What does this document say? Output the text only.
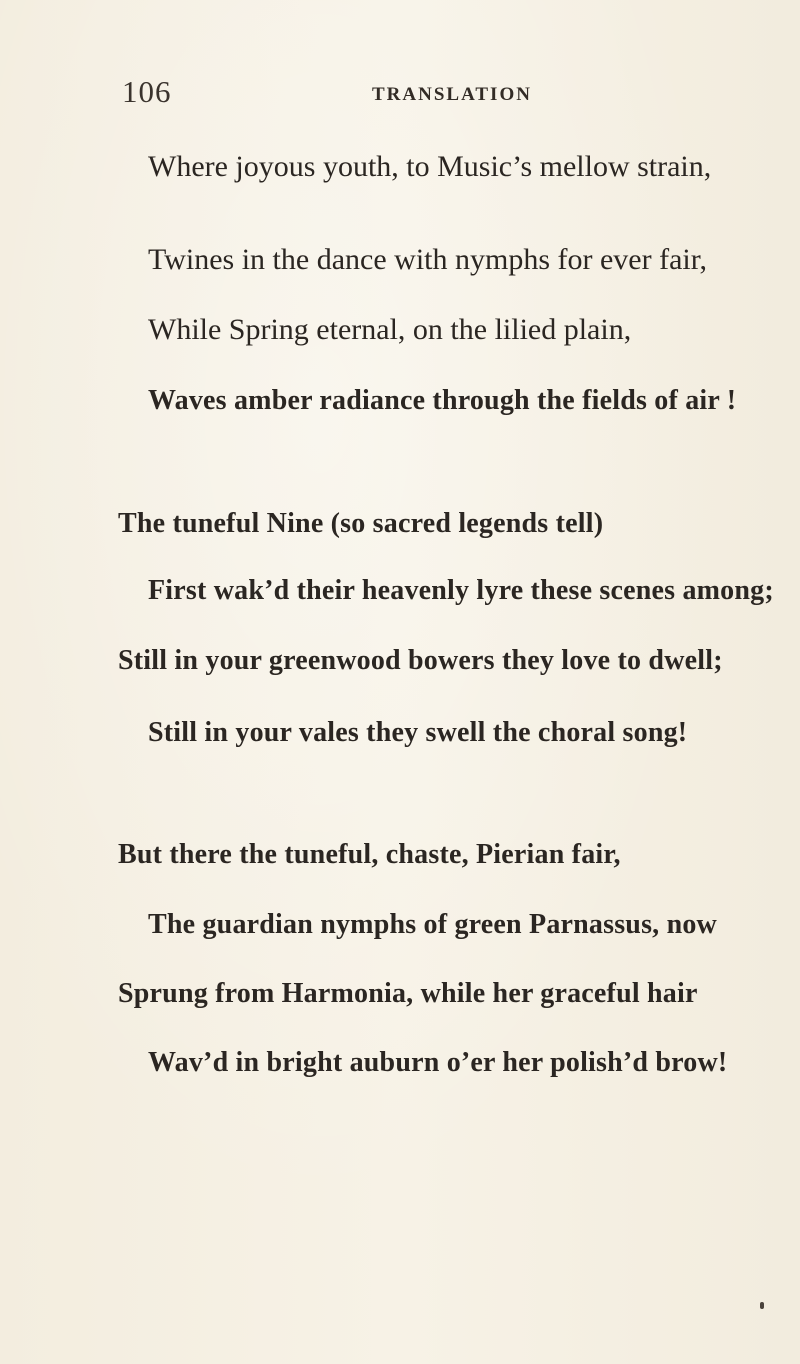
106	TRANSLATION
Where joyous youth, to Music’s mellow strain,
Twines in the dance with nymphs for ever fair,
While Spring eternal, on the lilied plain,
Waves amber radiance through the fields of air !
The tuneful Nine (so sacred legends tell)
First wak’d their heavenly lyre these scenes among;
Still in your greenwood bowers they love to dwell;
Still in your vales they swell the choral song!
But there the tuneful, chaste, Pierian fair,
The guardian nymphs of green Parnassus, now
Sprung from Harmonia, while her graceful hair
Wav’d in bright auburn o’er her polish’d brow!
